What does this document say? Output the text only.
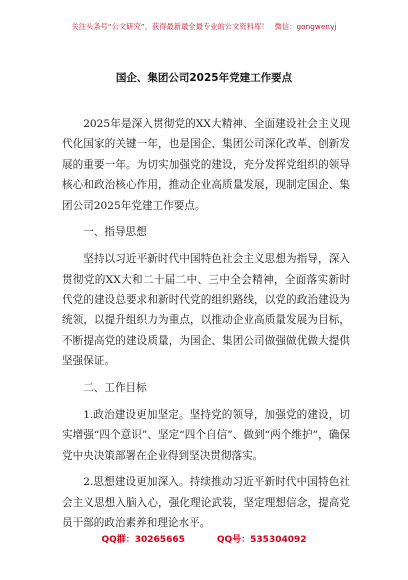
关注头条号“公文研究”，获得最新最全最专业的公文资料库！ 微信：gongwenyj
国企、集团公司2025年党建工作要点

2025年是深入贯彻党的XX大精神、全面建设社会主义现代化国家的关键一年，也是国企、集团公司深化改革、创新发展的重要一年。为切实加强党的建设，充分发挥党组织的领导核心和政治核心作用，推动企业高质量发展，现制定国企、集团公司2025年党建工作要点。

一、指导思想

坚持以习近平新时代中国特色社会主义思想为指导，深入贯彻党的XX大和二十届二中、三中全会精神，全面落实新时代党的建设总要求和新时代党的组织路线，以党的政治建设为统领，以提升组织力为重点，以推动企业高质量发展为目标，不断提高党的建设质量，为国企、集团公司做强做优做大提供坚强保证。

二、工作目标

1.政治建设更加坚定。坚持党的领导，加强党的建设，切实增强“四个意识”、坚定“四个自信”、做到“两个维护”，确保党中央决策部署在企业得到坚决贯彻落实。

2.思想建设更加深入。持续推动习近平新时代中国特色社会主义思想入脑入心，强化理论武装，坚定理想信念，提高党员干部的政治素养和理论水平。

QQ群：30265665	QQ号：535304092
